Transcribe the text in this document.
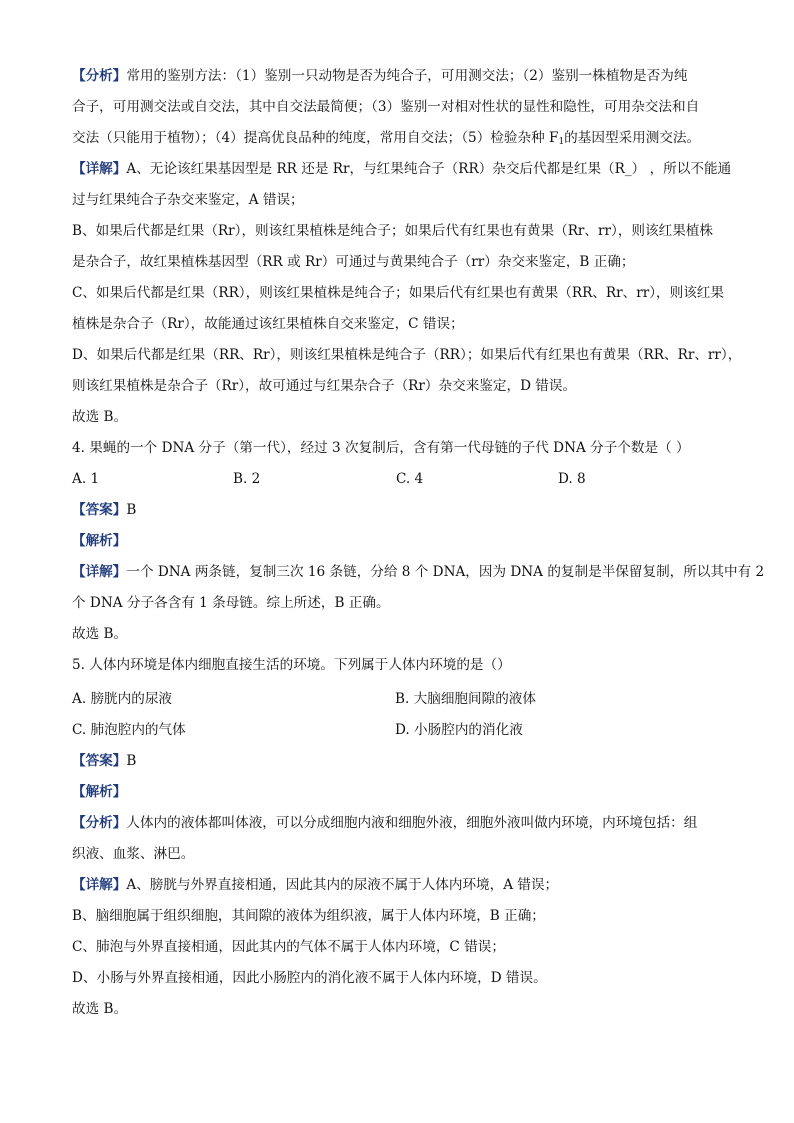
【分析】常用的鉴别方法：（1）鉴别一只动物是否为纯合子，可用测交法；（2）鉴别一株植物是否为纯
合子，可用测交法或自交法，其中自交法最简便；（3）鉴别一对相对性状的显性和隐性，可用杂交法和自
交法（只能用于植物）；（4）提高优良品种的纯度，常用自交法；（5）检验杂种 $F_1$的基因型采用测交法。
【详解】A、无论该红果基因型是 RR 还是 Rr，与红果纯合子（RR）杂交后代都是红果（R_） ，所以不能通
过与红果纯合子杂交来鉴定，A 错误；
B、如果后代都是红果（Rr），则该红果植株是纯合子；如果后代有红果也有黄果（Rr、rr），则该红果植株
是杂合子，故红果植株基因型（RR 或 Rr）可通过与黄果纯合子（rr）杂交来鉴定，B 正确；
C、如果后代都是红果（RR），则该红果植株是纯合子；如果后代有红果也有黄果（RR、Rr、rr），则该红果
植株是杂合子（Rr），故能通过该红果植株自交来鉴定，C 错误；
D、如果后代都是红果（RR、Rr），则该红果植株是纯合子（RR）；如果后代有红果也有黄果（RR、Rr、rr），
则该红果植株是杂合子（Rr），故可通过与红果杂合子（Rr）杂交来鉴定，D 错误。
故选 B。
4. 果蝇的一个 DNA 分子（第一代），经过 3 次复制后，含有第一代母链的子代 DNA 分子个数是（ ）
A. 1	B. 2	C. 4	D. 8
【答案】B
【解析】
【详解】一个 DNA 两条链，复制三次 16 条链，分给 8 个 DNA，因为 DNA 的复制是半保留复制，所以其中有 2
个 DNA 分子各含有 1 条母链。综上所述，B 正确。
故选 B。
5. 人体内环境是体内细胞直接生活的环境。下列属于人体内环境的是（）
A. 膀胱内的尿液	B. 大脑细胞间隙的液体
C. 肺泡腔内的气体	D. 小肠腔内的消化液
【答案】B
【解析】
【分析】人体内的液体都叫体液，可以分成细胞内液和细胞外液，细胞外液叫做内环境，内环境包括：组
织液、血浆、淋巴。
【详解】A、膀胱与外界直接相通，因此其内的尿液不属于人体内环境，A 错误；
B、脑细胞属于组织细胞，其间隙的液体为组织液，属于人体内环境，B 正确；
C、肺泡与外界直接相通，因此其内的气体不属于人体内环境，C 错误；
D、小肠与外界直接相通，因此小肠腔内的消化液不属于人体内环境，D 错误。
故选 B。
